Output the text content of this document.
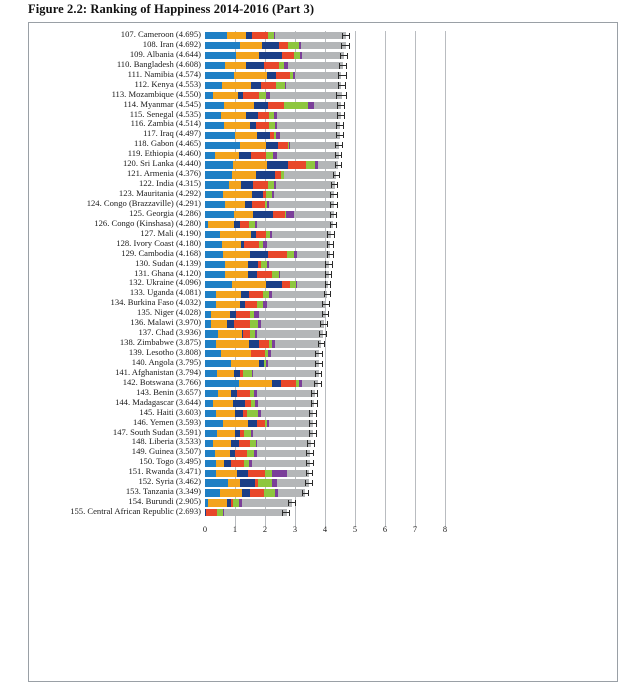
Figure 2.2: Ranking of Happiness 2014-2016 (Part 3)
107. Cameroon (4.695)
108. Iran (4.692)
109. Albania (4.644)
110. Bangladesh (4.608)
111. Namibia (4.574)
112. Kenya (4.553)
113. Mozambique (4.550)
114. Myanmar (4.545)
115. Senegal (4.535)
116. Zambia (4.514)
117. Iraq (4.497)
118. Gabon (4.465)
119. Ethiopia (4.460)
120. Sri Lanka (4.440)
121. Armenia (4.376)
122. India (4.315)
123. Mauritania (4.292)
124. Congo (Brazzaville) (4.291)
125. Georgia (4.286)
126. Congo (Kinshasa) (4.280)
127. Mali (4.190)
128. Ivory Coast (4.180)
129. Cambodia (4.168)
130. Sudan (4.139)
131. Ghana (4.120)
132. Ukraine (4.096)
133. Uganda (4.081)
134. Burkina Faso (4.032)
135. Niger (4.028)
136. Malawi (3.970)
137. Chad (3.936)
138. Zimbabwe (3.875)
139. Lesotho (3.808)
140. Angola (3.795)
141. Afghanistan (3.794)
142. Botswana (3.766)
143. Benin (3.657)
144. Madagascar (3.644)
145. Haiti (3.603)
146. Yemen (3.593)
147. South Sudan (3.591)
148. Liberia (3.533)
149. Guinea (3.507)
150. Togo (3.495)
151. Rwanda (3.471)
152. Syria (3.462)
153. Tanzania (3.349)
154. Burundi (2.905)
155. Central African Republic (2.693)
0	1	2	3	4	5	6	7	8
